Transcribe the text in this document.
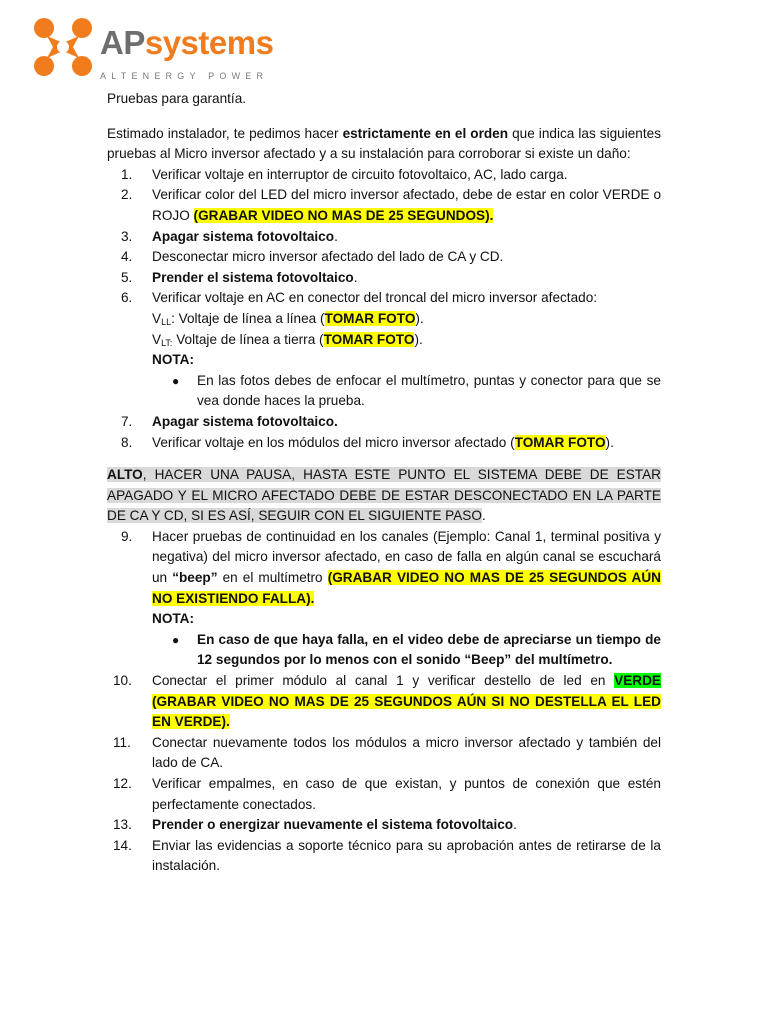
APsystems
ALTENERGY POWER

Pruebas para garantía.

Estimado instalador, te pedimos hacer estrictamente en el orden que indica las siguientes pruebas al Micro inversor afectado y a su instalación para corroborar si existe un daño:

1. Verificar voltaje en interruptor de circuito fotovoltaico, AC, lado carga.
2. Verificar color del LED del micro inversor afectado, debe de estar en color VERDE o ROJO (GRABAR VIDEO NO MAS DE 25 SEGUNDOS).
3. Apagar sistema fotovoltaico.
4. Desconectar micro inversor afectado del lado de CA y CD.
5. Prender el sistema fotovoltaico.
6. Verificar voltaje en AC en conector del troncal del micro inversor afectado:
$V_{LL}$: Voltaje de línea a línea (TOMAR FOTO).
$V_{LT:}$ Voltaje de línea a tierra (TOMAR FOTO).
NOTA:
● En las fotos debes de enfocar el multímetro, puntas y conector para que se vea donde haces la prueba.
7. Apagar sistema fotovoltaico.
8. Verificar voltaje en los módulos del micro inversor afectado (TOMAR FOTO).

ALTO, HACER UNA PAUSA, HASTA ESTE PUNTO EL SISTEMA DEBE DE ESTAR APAGADO Y EL MICRO AFECTADO DEBE DE ESTAR DESCONECTADO EN LA PARTE DE CA Y CD, SI ES ASÍ, SEGUIR CON EL SIGUIENTE PASO.

9. Hacer pruebas de continuidad en los canales (Ejemplo: Canal 1, terminal positiva y negativa) del micro inversor afectado, en caso de falla en algún canal se escuchará un “beep” en el multímetro (GRABAR VIDEO NO MAS DE 25 SEGUNDOS AÚN NO EXISTIENDO FALLA).
NOTA:
● En caso de que haya falla, en el video debe de apreciarse un tiempo de 12 segundos por lo menos con el sonido “Beep” del multímetro.
10. Conectar el primer módulo al canal 1 y verificar destello de led en VERDE (GRABAR VIDEO NO MAS DE 25 SEGUNDOS AÚN SI NO DESTELLA EL LED EN VERDE).
11. Conectar nuevamente todos los módulos a micro inversor afectado y también del lado de CA.
12. Verificar empalmes, en caso de que existan, y puntos de conexión que estén perfectamente conectados.
13. Prender o energizar nuevamente el sistema fotovoltaico.
14. Enviar las evidencias a soporte técnico para su aprobación antes de retirarse de la instalación.
